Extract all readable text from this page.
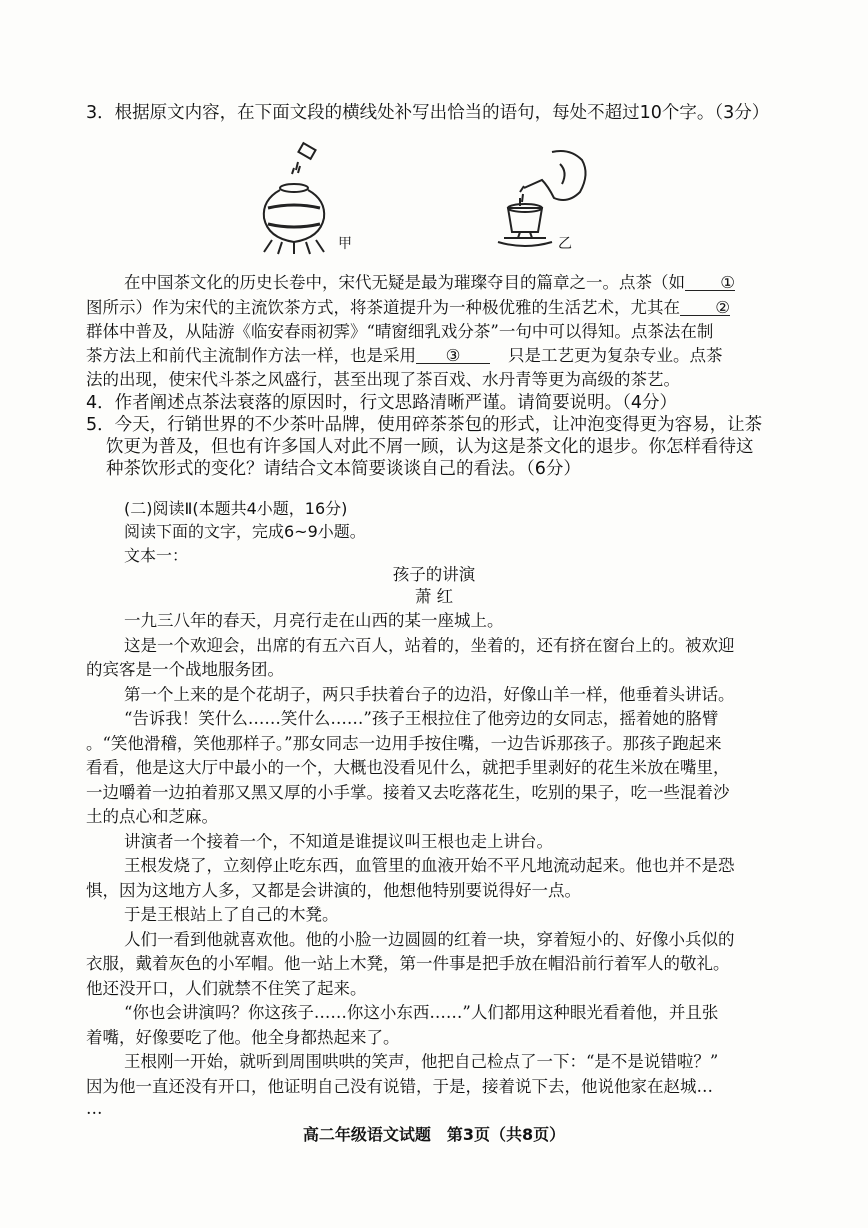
3．根据原文内容，在下面文段的横线处补写出恰当的语句，每处不超过10个字。（3分）
甲	乙
在中国茶文化的历史长卷中，宋代无疑是最为璀璨夺目的篇章之一。点茶（如 ①
图所示）作为宋代的主流饮茶方式，将茶道提升为一种极优雅的生活艺术，尤其在 ②
群体中普及，从陆游《临安春雨初霁》“晴窗细乳戏分茶”一句中可以得知。点茶法在制
茶方法上和前代主流制作方法一样，也是采用 ③	只是工艺更为复杂专业。点茶
法的出现，使宋代斗茶之风盛行，甚至出现了茶百戏、水丹青等更为高级的茶艺。
4．作者阐述点茶法衰落的原因时，行文思路清晰严谨。请简要说明。（4分）
5．今天，行销世界的不少茶叶品牌，使用碎茶茶包的形式，让冲泡变得更为容易，让茶
饮更为普及，但也有许多国人对此不屑一顾，认为这是茶文化的退步。你怎样看待这
种茶饮形式的变化？请结合文本简要谈谈自己的看法。（6分）
(二)阅读Ⅱ(本题共4小题，16分)
阅读下面的文字，完成6~9小题。
文本一：
孩子的讲演
萧 红
一九三八年的春天，月亮行走在山西的某一座城上。
这是一个欢迎会，出席的有五六百人，站着的，坐着的，还有挤在窗台上的。被欢迎
的宾客是一个战地服务团。
第一个上来的是个花胡子，两只手扶着台子的边沿，好像山羊一样，他垂着头讲话。
“告诉我！笑什么……笑什么……”孩子王根拉住了他旁边的女同志，摇着她的胳臂
。“笑他滑稽，笑他那样子。”那女同志一边用手按住嘴，一边告诉那孩子。那孩子跑起来
看看，他是这大厅中最小的一个，大概也没看见什么，就把手里剥好的花生米放在嘴里，
一边嚼着一边拍着那又黑又厚的小手掌。接着又去吃落花生，吃别的果子，吃一些混着沙
土的点心和芝麻。
讲演者一个接着一个，不知道是谁提议叫王根也走上讲台。
王根发烧了，立刻停止吃东西，血管里的血液开始不平凡地流动起来。他也并不是恐
惧，因为这地方人多，又都是会讲演的，他想他特别要说得好一点。
于是王根站上了自己的木凳。
人们一看到他就喜欢他。他的小脸一边圆圆的红着一块，穿着短小的、好像小兵似的
衣服，戴着灰色的小军帽。他一站上木凳，第一件事是把手放在帽沿前行着军人的敬礼。
他还没开口，人们就禁不住笑了起来。
“你也会讲演吗？你这孩子……你这小东西……”人们都用这种眼光看着他，并且张
着嘴，好像要吃了他。他全身都热起来了。
王根刚一开始，就听到周围哄哄的笑声，他把自己检点了一下：“是不是说错啦？”
因为他一直还没有开口，他证明自己没有说错，于是，接着说下去，他说他家在赵城…
…
高二年级语文试题　第3页（共8页）
